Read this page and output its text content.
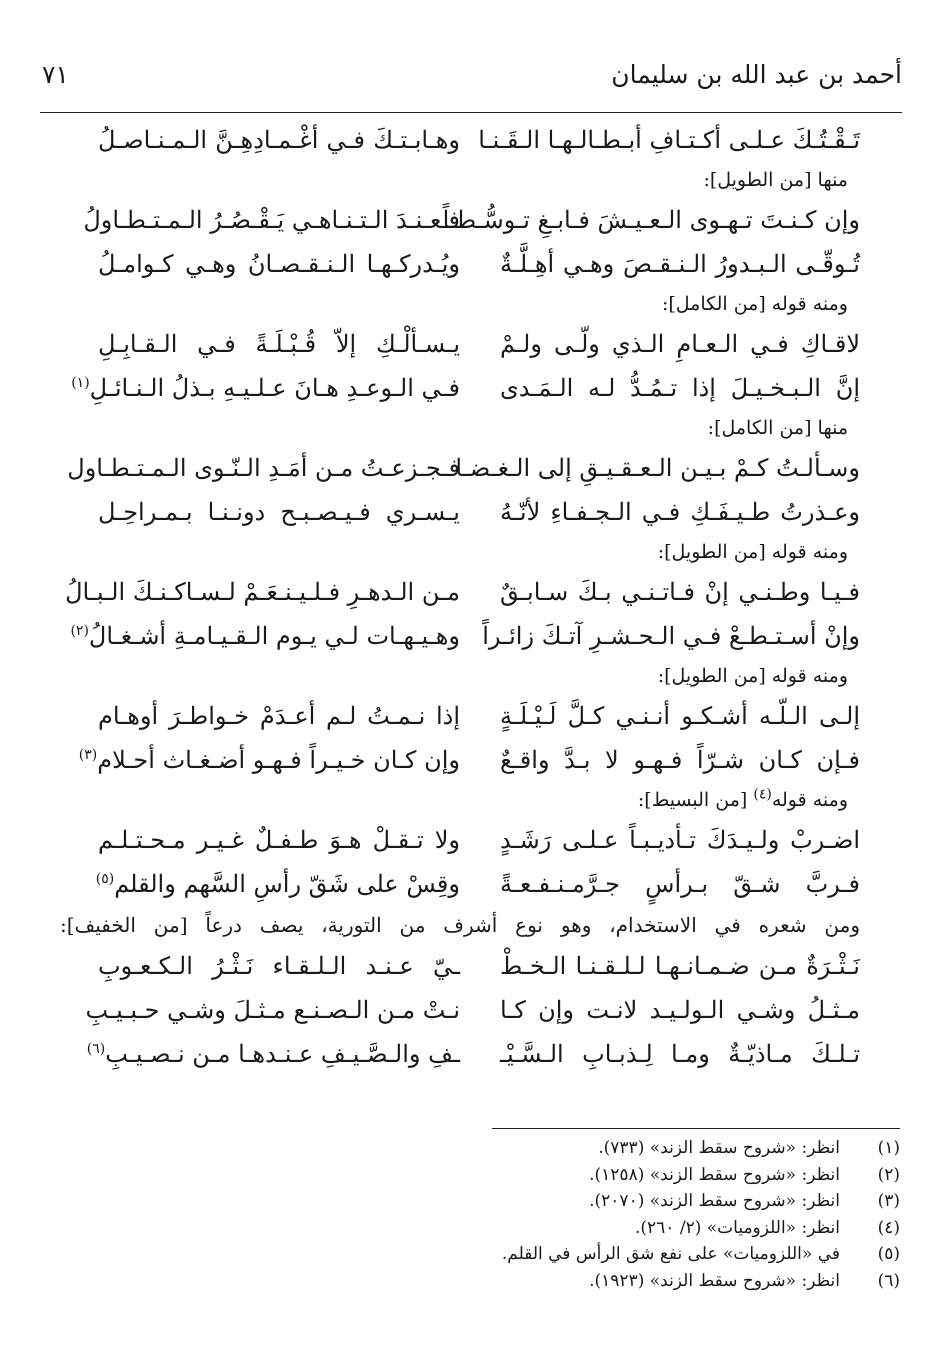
أحمد بن عبد الله بن سليمان
٧١
تَـقْـتُـكَ عـلـى أكـتـافِ أبـطـالـهـا الـقَـنـا
وهـابـتـكَ فـي أغْـمـادِهِـنَّ الـمـنـاصـلُ
منها [من الطويل]:
وإن كـنـتَ تـهـوى الـعـيـشَ فـابـغِ تـوسُّـطـاً
فـعـنـدَ الـتـنـاهـي يَـقْـصُـرُ الـمـتـطـاولُ
تُـوقّـى الـبـدورُ الـنـقـصَ وهـي أهِـلَّـةٌ
ويُـدركـهـا الـنـقـصـانُ وهـي كـوامـلُ
ومنه قوله [من الكامل]:
لاقـاكِ فـي الـعـامِ الـذي ولّـى ولـمْ
يـسـألْـكِ إلاّ قُـبْـلَـةً فـي الـقـابِـلِ
إنَّ الـبـخـيـلَ إذا تـمُـدُّ لـه الـمَـدى
فـي الـوعـدِ هـانَ عـلـيـهِ بـذلُ الـنـائـلِ$^{(١)}$
منها [من الكامل]:
وسـألـتُ كـمْ بـيـن الـعـقـيـقِ إلى الـغـضـا
فـجـزعـتُ مـن أمَـدِ الـنّـوى الـمـتـطـاول
وعـذرتُ طـيـفَـكِ فـي الـجـفـاءِ لأنّـهُ
يـسـري فـيـصـبـح دونـنـا بـمـراحِـل
ومنه قوله [من الطويل]:
فـيـا وطـنـي إنْ فـاتـنـي بـكَ سـابـقٌ
مـن الـدهـرِ فـلـيـنـعَـمْ لـسـاكـنـكَ الـبـالُ
وإنْ أسـتـطـعْ فـي الـحـشـرِ آتـكَ زائـراً
وهـيـهـات لـي يـوم الـقـيـامـةِ أشـغـالُ$^{(٢)}$
ومنه قوله [من الطويل]:
إلـى الـلّـه أشـكـو أنـنـي كـلَّ لَـيْـلَـةٍ
إذا نـمـتُ لـم أعـدَمْ خـواطـرَ أوهـام
فـإن كـان شـرّاً فـهـو لا بـدَّ واقـعٌ
وإن كـان خـيـراً فـهـو أضـغـاث أحـلام$^{(٣)}$
ومنه قوله$^{(٤)}$ [من البسيط]:
اضـربْ ولـيـدَكَ تـأديـبـاً عـلـى رَشَـدٍ
ولا تـقـلْ هـوَ طـفـلٌ غـيـر مـحـتـلـم
فـربَّ شـقّ بـرأسٍ جـرَّمـنـفـعـةً
وقِسْ على شَقّ رأسِ السَّهم والقلم$^{(٥)}$
ومن شعره في الاستخدام، وهو نوع أشرف من التورية، يصف درعاً [من الخفيف]:
نَـثْـرَةٌ مـن ضـمـانـهـا لـلـقـنـا الـخـطْ
ـيّ عـنـد الـلـقـاء نَـثْـرُ الـكـعـوبِ
مـثـلُ وشـي الـولـيـد لانـت وإن كـا
نـتْ مـن الـصـنـع مـثـلَ وشـي حـبـيـبِ
تـلـكَ مـاذيّـةٌ ومـا لِـذبـابِ الـسَّـيْـ
ـفِ والـصَّـيـفِ عـنـدهـا مـن نـصـيـبِ$^{(٦)}$
(١)
انظر: «شروح سقط الزند» (٧٣٣).
(٢)
انظر: «شروح سقط الزند» (١٢٥٨).
(٣)
انظر: «شروح سقط الزند» (٢٠٧٠).
(٤)
انظر: «اللزوميات» (٢/ ٢٦٠).
(٥)
في «اللزوميات» على نفع شق الرأس في القلم.
(٦)
انظر: «شروح سقط الزند» (١٩٢٣).
